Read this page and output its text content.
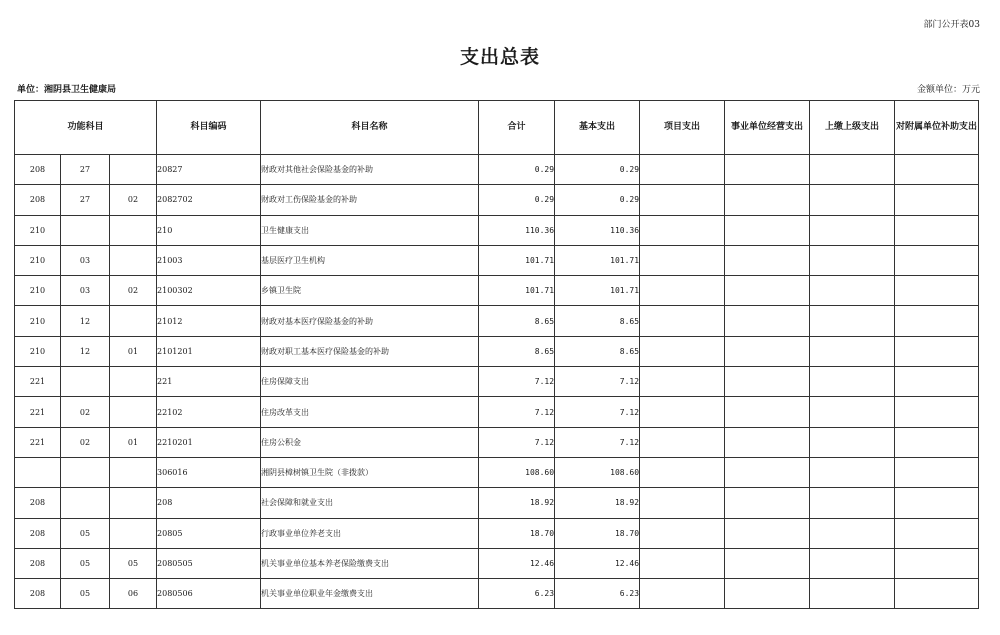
部门公开表03
支出总表
单位：湘阴县卫生健康局	金额单位：万元
功能科目			科目编码	科目名称	合计	基本支出	项目支出	事业单位经营支出	上缴上级支出	对附属单位补助支出
208	27		20827	财政对其他社会保险基金的补助	0.29	0.29				
208	27	02	2082702	财政对工伤保险基金的补助	0.29	0.29				
210			210	卫生健康支出	110.36	110.36				
210	03		21003	基层医疗卫生机构	101.71	101.71				
210	03	02	2100302	乡镇卫生院	101.71	101.71				
210	12		21012	财政对基本医疗保险基金的补助	8.65	8.65				
210	12	01	2101201	财政对职工基本医疗保险基金的补助	8.65	8.65				
221			221	住房保障支出	7.12	7.12				
221	02		22102	住房改革支出	7.12	7.12				
221	02	01	2210201	住房公积金	7.12	7.12				
			306016	湘阴县樟树镇卫生院（非拨款）	108.60	108.60				
208			208	社会保障和就业支出	18.92	18.92				
208	05		20805	行政事业单位养老支出	18.70	18.70				
208	05	05	2080505	机关事业单位基本养老保险缴费支出	12.46	12.46				
208	05	06	2080506	机关事业单位职业年金缴费支出	6.23	6.23				
